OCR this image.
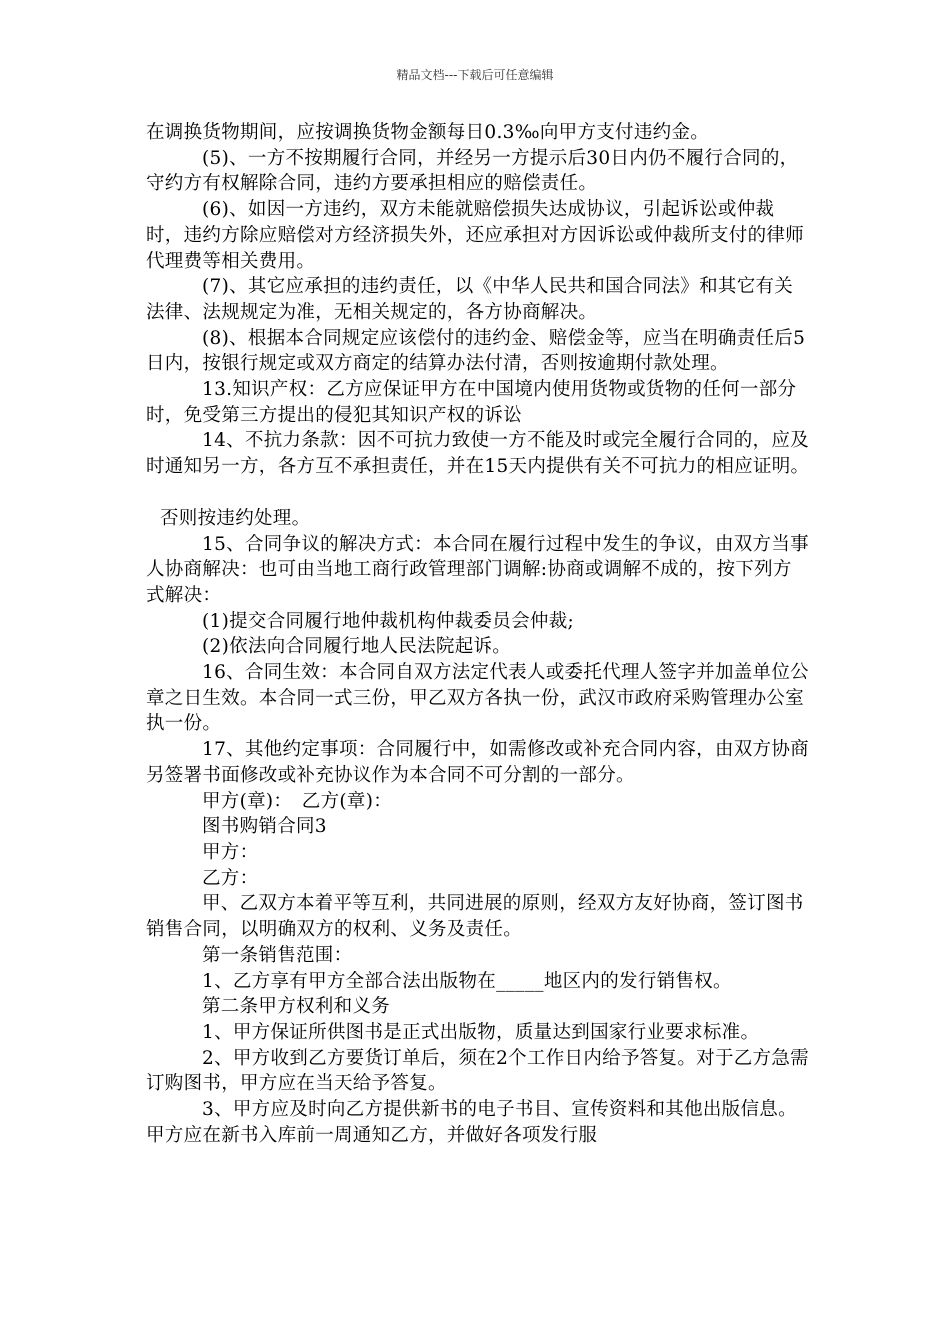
精品文档---下载后可任意编辑

在调换货物期间，应按调换货物金额每日0.3‰向甲方支付违约金。

(5)、一方不按期履行合同，并经另一方提示后30日内仍不履行合同的，守约方有权解除合同，违约方要承担相应的赔偿责任。

(6)、如因一方违约，双方未能就赔偿损失达成协议，引起诉讼或仲裁时，违约方除应赔偿对方经济损失外，还应承担对方因诉讼或仲裁所支付的律师代理费等相关费用。

(7)、其它应承担的违约责任，以《中华人民共和国合同法》和其它有关法律、法规规定为准，无相关规定的，各方协商解决。

(8)、根据本合同规定应该偿付的违约金、赔偿金等，应当在明确责任后5日内，按银行规定或双方商定的结算办法付清，否则按逾期付款处理。

13.知识产权：乙方应保证甲方在中国境内使用货物或货物的任何一部分时，免受第三方提出的侵犯其知识产权的诉讼

14、不抗力条款：因不可抗力致使一方不能及时或完全履行合同的，应及时通知另一方，各方互不承担责任，并在15天内提供有关不可抗力的相应证明。

否则按违约处理。

15、合同争议的解决方式：本合同在履行过程中发生的争议，由双方当事人协商解决：也可由当地工商行政管理部门调解:协商或调解不成的，按下列方式解决：

(1)提交合同履行地仲裁机构仲裁委员会仲裁;

(2)依法向合同履行地人民法院起诉。

16、合同生效：本合同自双方法定代表人或委托代理人签字并加盖单位公章之日生效。本合同一式三份，甲乙双方各执一份，武汉市政府采购管理办公室执一份。

17、其他约定事项：合同履行中，如需修改或补充合同内容，由双方协商另签署书面修改或补充协议作为本合同不可分割的一部分。

甲方(章)：　乙方(章)：

图书购销合同3

甲方：

乙方：

甲、乙双方本着平等互利，共同进展的原则，经双方友好协商，签订图书销售合同，以明确双方的权利、义务及责任。

第一条销售范围：

1、乙方享有甲方全部合法出版物在_____地区内的发行销售权。

第二条甲方权利和义务

1、甲方保证所供图书是正式出版物，质量达到国家行业要求标准。

2、甲方收到乙方要货订单后，须在2个工作日内给予答复。对于乙方急需订购图书，甲方应在当天给予答复。

3、甲方应及时向乙方提供新书的电子书目、宣传资料和其他出版信息。甲方应在新书入库前一周通知乙方，并做好各项发行服
